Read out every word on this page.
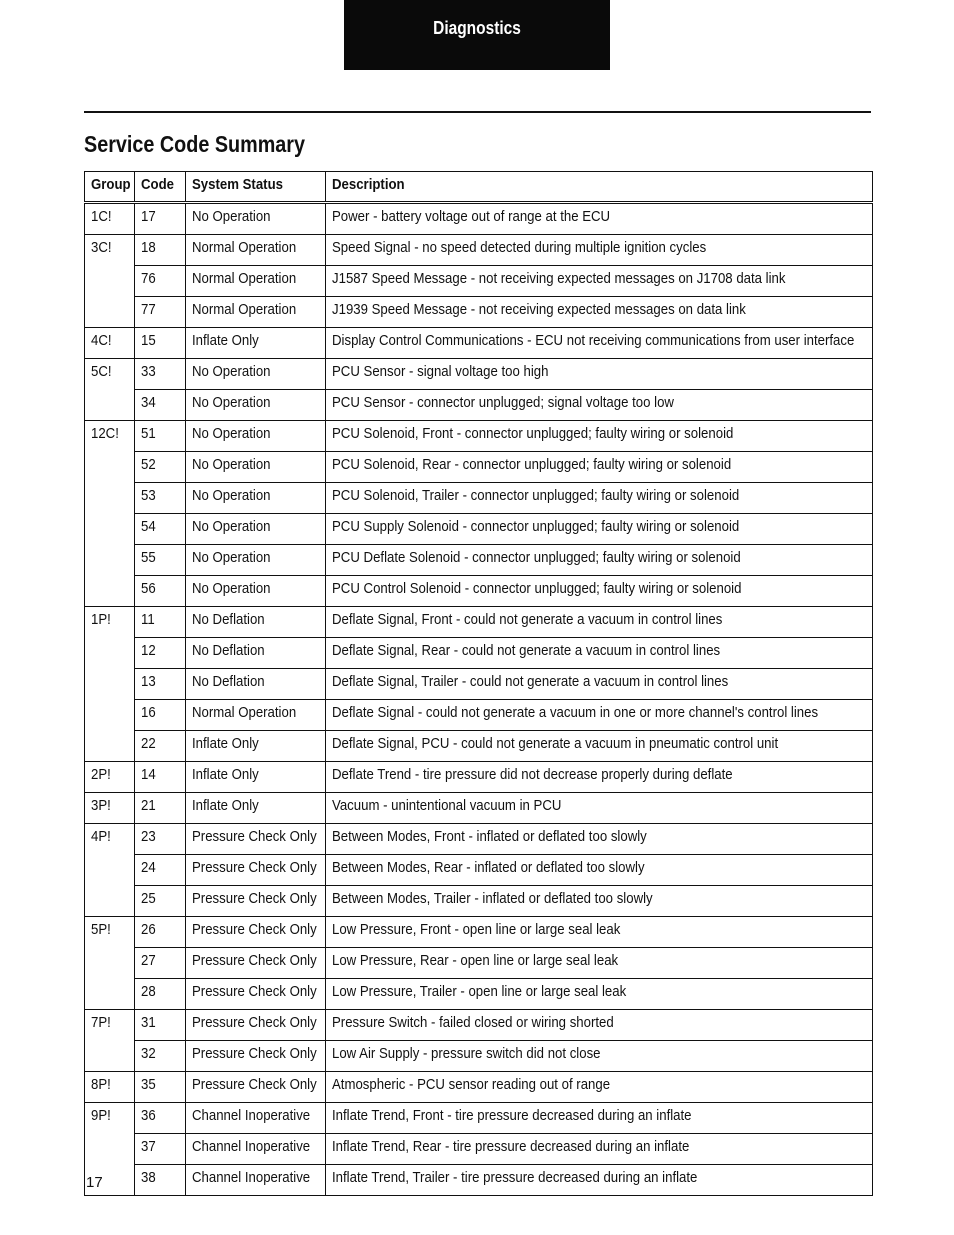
Diagnostics
Service Code Summary
Group	Code	System Status	Description
1C!	17	No Operation	Power - battery voltage out of range at the ECU

3C!	18	Normal Operation	Speed Signal - no speed detected during multiple ignition cycles

	76	Normal Operation	J1587 Speed Message - not receiving expected messages on J1708 data link

	77	Normal Operation	J1939 Speed Message - not receiving expected messages on data link

4C!	15	Inflate Only	Display Control Communications - ECU not receiving communications from user interface

5C!	33	No Operation	PCU Sensor - signal voltage too high

	34	No Operation	PCU Sensor - connector unplugged; signal voltage too low

12C!	51	No Operation	PCU Solenoid, Front - connector unplugged; faulty wiring or solenoid

	52	No Operation	PCU Solenoid, Rear - connector unplugged; faulty wiring or solenoid

	53	No Operation	PCU Solenoid, Trailer - connector unplugged; faulty wiring or solenoid

	54	No Operation	PCU Supply Solenoid - connector unplugged; faulty wiring or solenoid

	55	No Operation	PCU Deflate Solenoid - connector unplugged; faulty wiring or solenoid

	56	No Operation	PCU Control Solenoid - connector unplugged; faulty wiring or solenoid

1P!	11	No Deflation	Deflate Signal, Front - could not generate a vacuum in control lines

	12	No Deflation	Deflate Signal, Rear - could not generate a vacuum in control lines

	13	No Deflation	Deflate Signal, Trailer - could not generate a vacuum in control lines

	16	Normal Operation	Deflate Signal - could not generate a vacuum in one or more channel's control lines

	22	Inflate Only	Deflate Signal, PCU - could not generate a vacuum in pneumatic control unit

2P!	14	Inflate Only	Deflate Trend - tire pressure did not decrease properly during deflate

3P!	21	Inflate Only	Vacuum - unintentional vacuum in PCU

4P!	23	Pressure Check Only	Between Modes, Front - inflated or deflated too slowly

	24	Pressure Check Only	Between Modes, Rear - inflated or deflated too slowly

	25	Pressure Check Only	Between Modes, Trailer - inflated or deflated too slowly

5P!	26	Pressure Check Only	Low Pressure, Front - open line or large seal leak

	27	Pressure Check Only	Low Pressure, Rear - open line or large seal leak

	28	Pressure Check Only	Low Pressure, Trailer - open line or large seal leak

7P!	31	Pressure Check Only	Pressure Switch - failed closed or wiring shorted

	32	Pressure Check Only	Low Air Supply - pressure switch did not close

8P!	35	Pressure Check Only	Atmospheric - PCU sensor reading out of range

9P!	36	Channel Inoperative	Inflate Trend, Front - tire pressure decreased during an inflate

	37	Channel Inoperative	Inflate Trend, Rear - tire pressure decreased during an inflate

	38	Channel Inoperative	Inflate Trend, Trailer - tire pressure decreased during an inflate
17
